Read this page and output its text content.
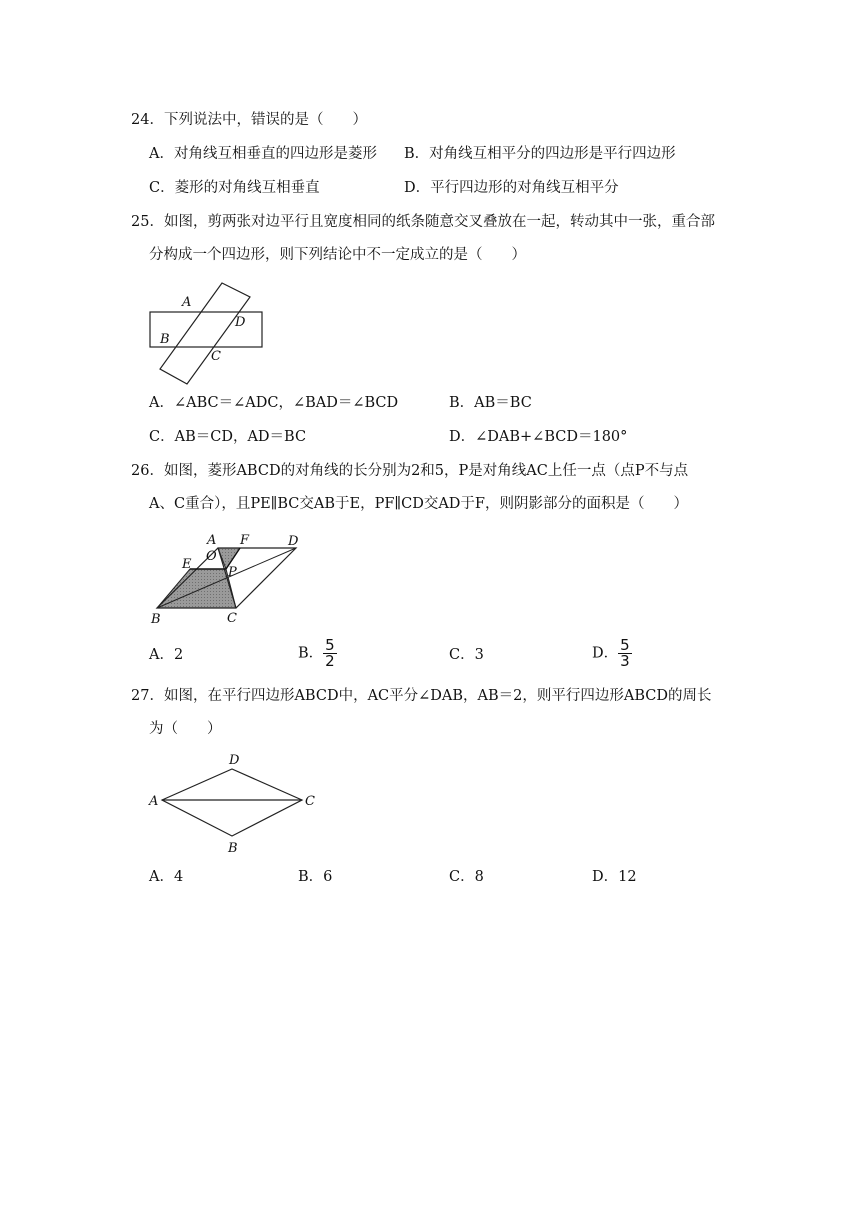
24．下列说法中，错误的是（　　）
A．对角线互相垂直的四边形是菱形 B．对角线互相平分的四边形是平行四边形
C．菱形的对角线互相垂直	D．平行四边形的对角线互相平分
25．如图，剪两张对边平行且宽度相同的纸条随意交叉叠放在一起，转动其中一张，重合部
分构成一个四边形，则下列结论中不一定成立的是（　　）
A
B
C
D
A．∠ABC＝∠ADC，∠BAD＝∠BCD	B．AB＝BC
C．AB＝CD，AD＝BC	D．∠DAB+∠BCD＝180°
26．如图，菱形ABCD的对角线的长分别为2和5，P是对角线AC上任一点（点P不与点
A、C重合），且PE∥BC交AB于E，PF∥CD交AD于F，则阴影部分的面积是（　　）
A
O
F	D
E
P
B	C
A．2	B． $\frac{5}{2}$	C．3	D． $\frac{5}{3}$
27．如图，在平行四边形ABCD中，AC平分∠DAB，AB＝2，则平行四边形ABCD的周长
为（　　）
A
B
C
D
A．4	B．6	C．8	D．12
